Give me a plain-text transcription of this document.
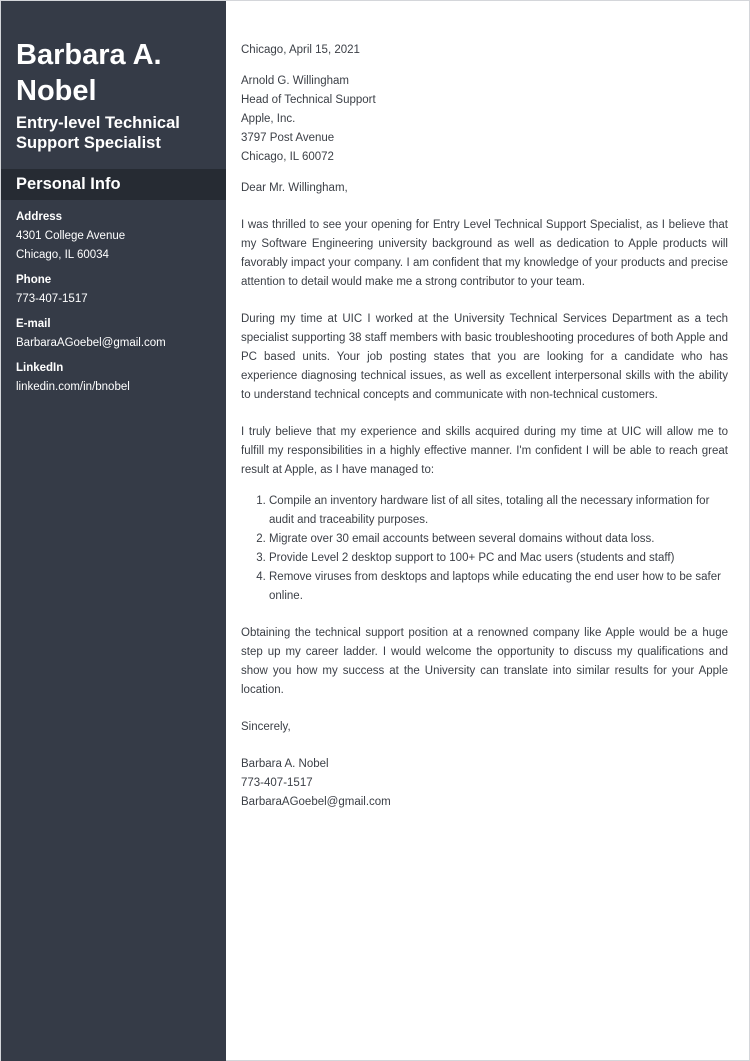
Barbara A.
Nobel
Entry-level Technical
Support Specialist
Personal Info
Address
4301 College Avenue
Chicago, IL 60034
Phone
773-407-1517
E-mail
BarbaraAGoebel@gmail.com
LinkedIn
linkedin.com/in/bnobel

Chicago, April 15, 2021

Arnold G. Willingham
Head of Technical Support
Apple, Inc.
3797 Post Avenue
Chicago, IL 60072

Dear Mr. Willingham,

I was thrilled to see your opening for Entry Level Technical Support Specialist, as I believe that my Software Engineering university background as well as dedication to Apple products will favorably impact your company. I am confident that my knowledge of your products and precise attention to detail would make me a strong contributor to your team.

During my time at UIC I worked at the University Technical Services Department as a tech specialist supporting 38 staff members with basic troubleshooting procedures of both Apple and PC based units. Your job posting states that you are looking for a candidate who has experience diagnosing technical issues, as well as excellent interpersonal skills with the ability to understand technical concepts and communicate with non-technical customers.

I truly believe that my experience and skills acquired during my time at UIC will allow me to fulfill my responsibilities in a highly effective manner. I'm confident I will be able to reach great result at Apple, as I have managed to:

1. Compile an inventory hardware list of all sites, totaling all the necessary information for audit and traceability purposes.
2. Migrate over 30 email accounts between several domains without data loss.
3. Provide Level 2 desktop support to 100+ PC and Mac users (students and staff)
4. Remove viruses from desktops and laptops while educating the end user how to be safer online.

Obtaining the technical support position at a renowned company like Apple would be a huge step up my career ladder. I would welcome the opportunity to discuss my qualifications and show you how my success at the University can translate into similar results for your Apple location.

Sincerely,

Barbara A. Nobel
773-407-1517
BarbaraAGoebel@gmail.com
